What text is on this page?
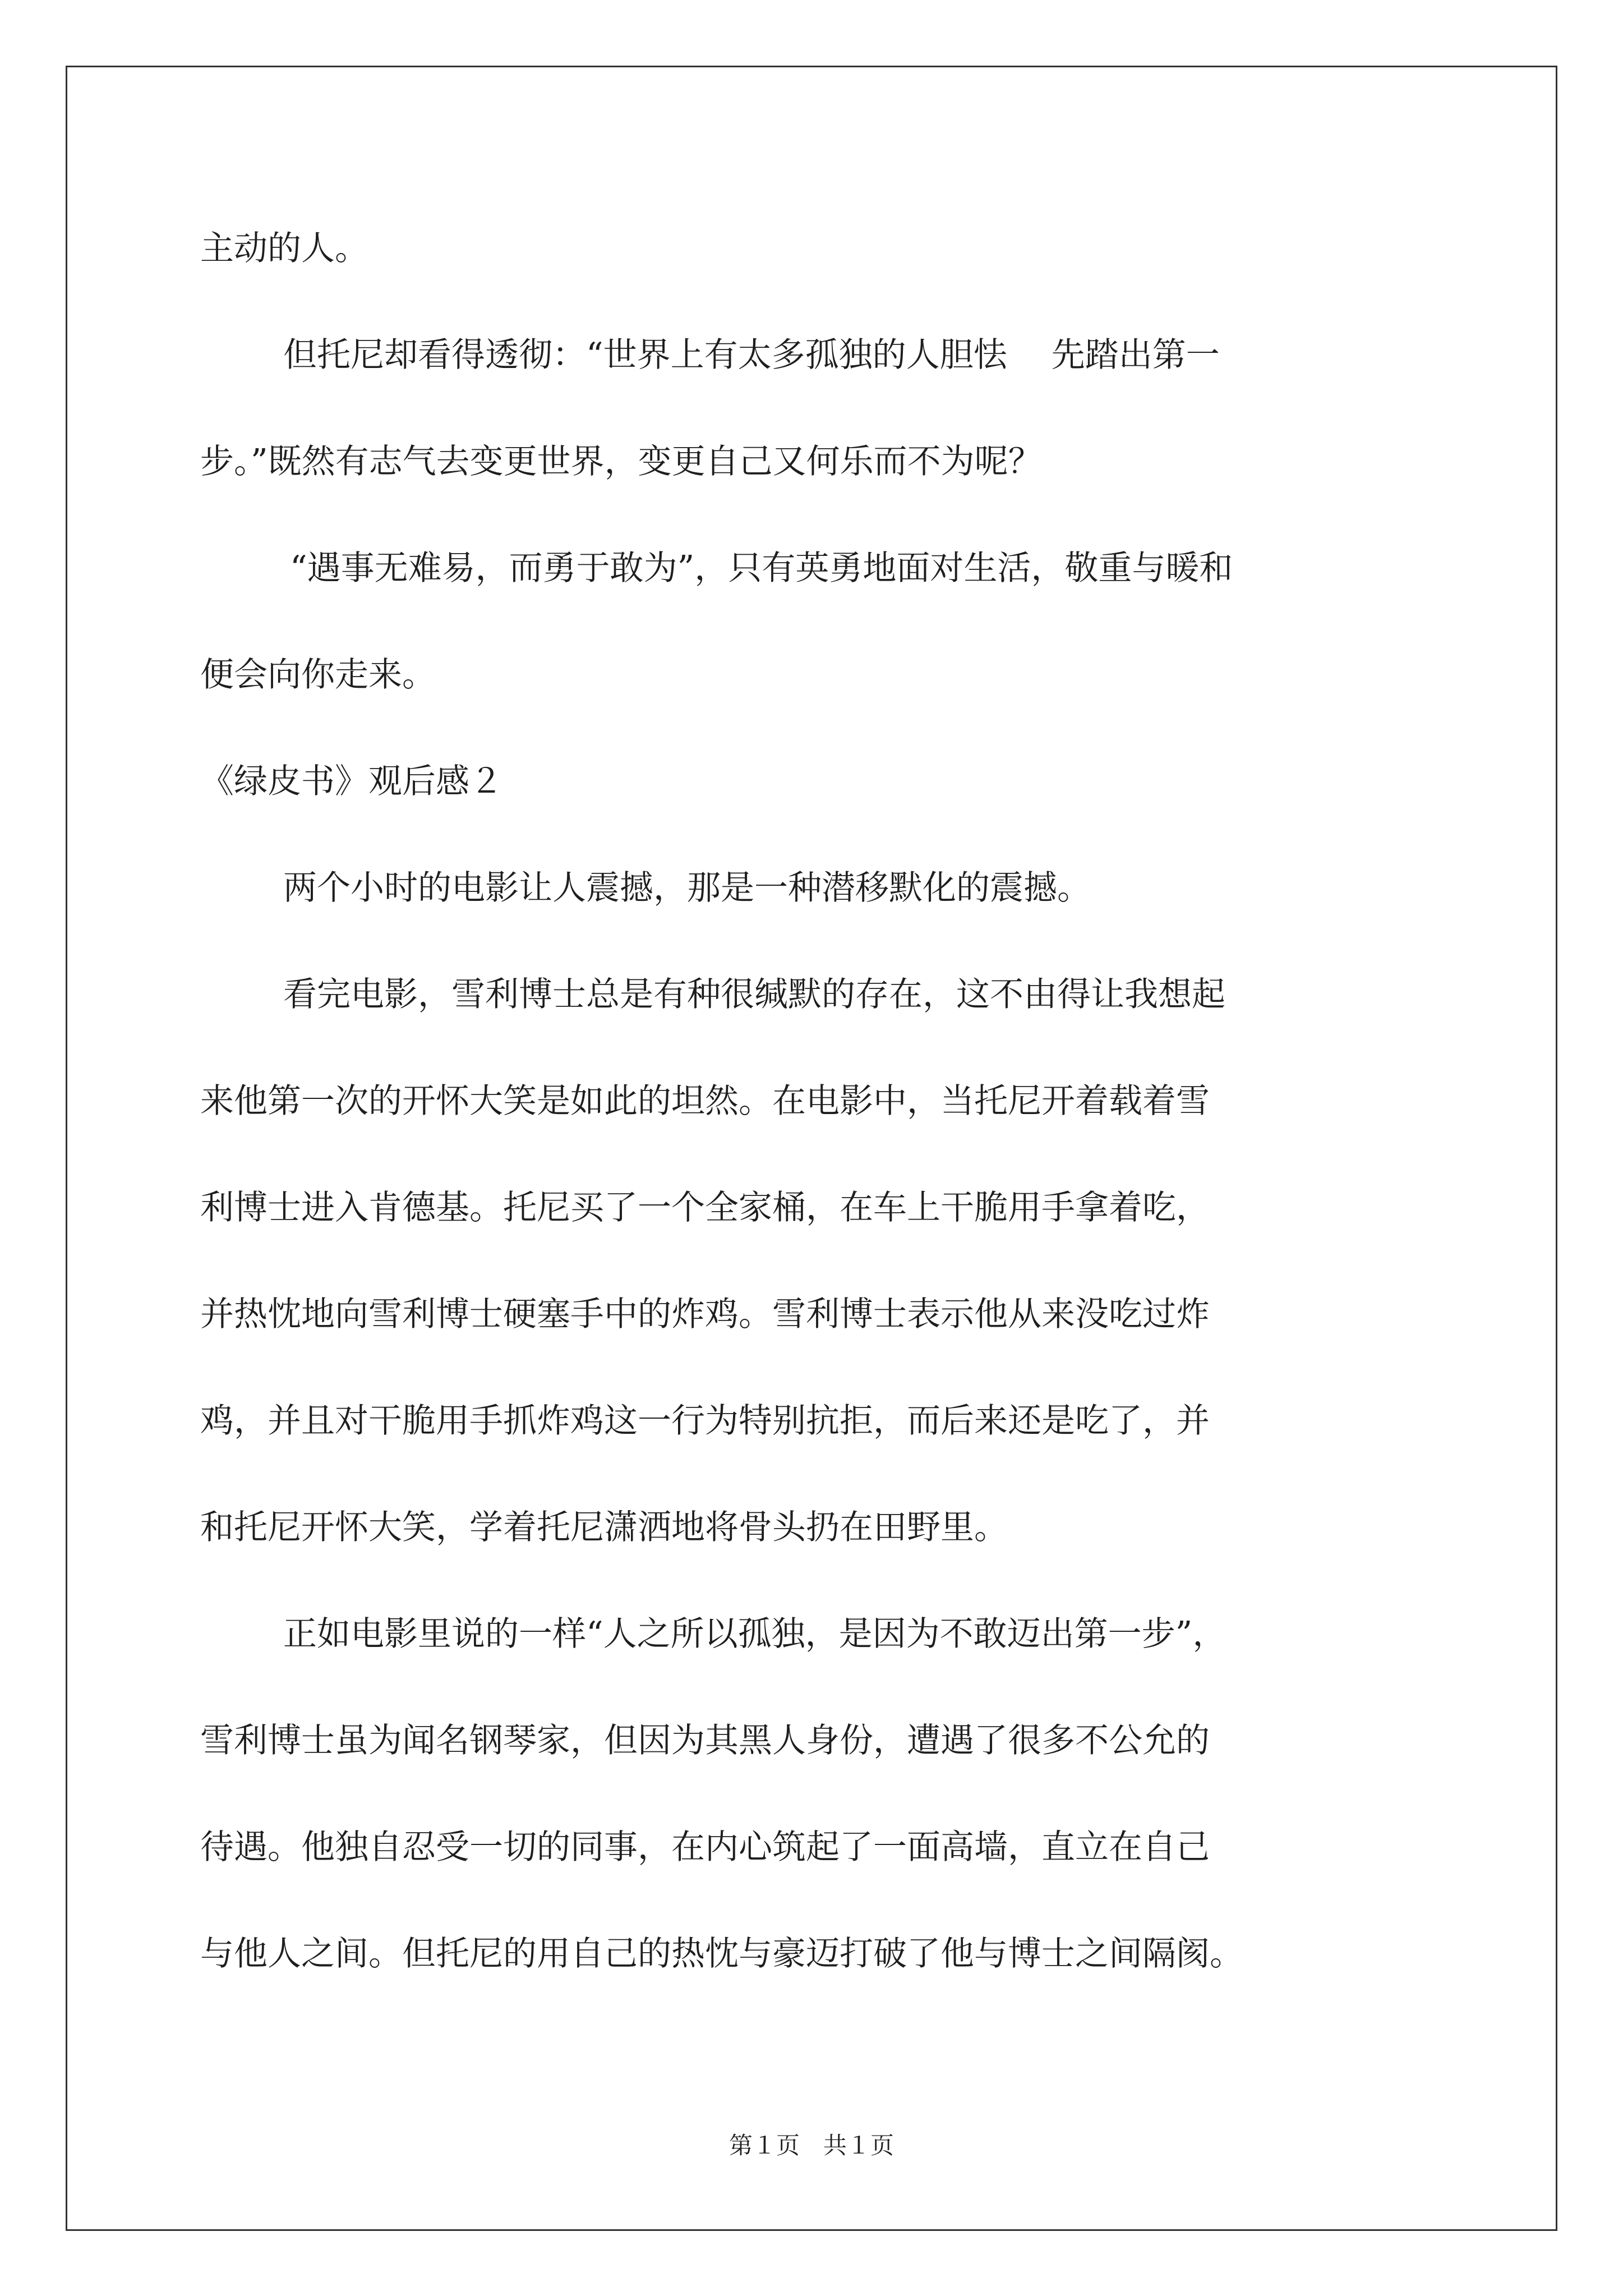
主动的人。
但托尼却看得透彻：“世界上有太多孤独的人胆怯　 先踏出第一
步。”既然有志气去变更世界，变更自己又何乐而不为呢？
“遇事无难易，而勇于敢为”，只有英勇地面对生活，敬重与暖和
便会向你走来。
《绿皮书》观后感２
两个小时的电影让人震撼，那是一种潜移默化的震撼。
看完电影，雪利博士总是有种很缄默的存在，这不由得让我想起
来他第一次的开怀大笑是如此的坦然。在电影中，当托尼开着载着雪
利博士进入肯德基。托尼买了一个全家桶，在车上干脆用手拿着吃，
并热忱地向雪利博士硬塞手中的炸鸡。雪利博士表示他从来没吃过炸
鸡，并且对干脆用手抓炸鸡这一行为特别抗拒，而后来还是吃了，并
和托尼开怀大笑，学着托尼潇洒地将骨头扔在田野里。
正如电影里说的一样“人之所以孤独，是因为不敢迈出第一步”，
雪利博士虽为闻名钢琴家，但因为其黑人身份，遭遇了很多不公允的
待遇。他独自忍受一切的同事，在内心筑起了一面高墙，直立在自己
与他人之间。但托尼的用自己的热忱与豪迈打破了他与博士之间隔阂。
第１页　共１页
